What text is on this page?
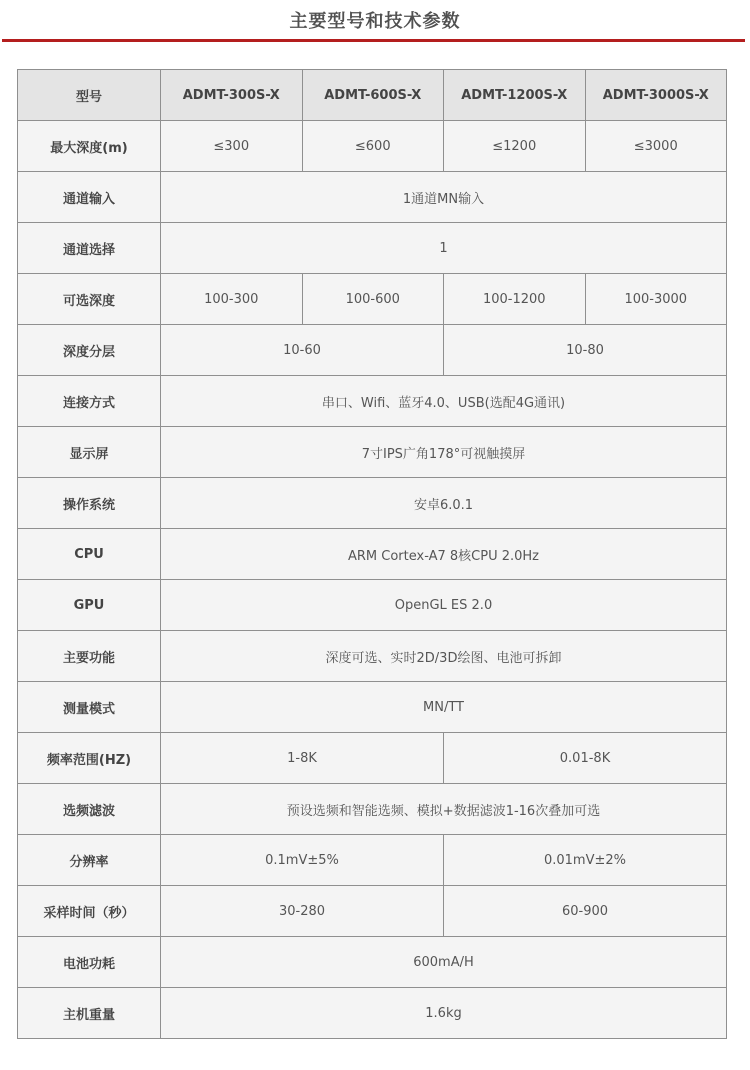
主要型号和技术参数
型号	ADMT-300S-X	ADMT-600S-X	ADMT-1200S-X	ADMT-3000S-X
最大深度(m)	≤300	≤600	≤1200	≤3000
通道输入	1通道MN输入			
通道选择	1			
可选深度	100-300	100-600	100-1200	100-3000
深度分层	10-60		10-80	
连接方式	串口、Wifi、蓝牙4.0、USB(选配4G通讯)			
显示屏	7寸IPS广角178°可视触摸屏			
操作系统	安卓6.0.1			
CPU	ARM Cortex-A7 8核CPU 2.0Hz			
GPU	OpenGL ES 2.0			
主要功能	深度可选、实时2D/3D绘图、电池可拆卸			
测量模式	MN/TT			
频率范围(HZ)	1-8K		0.01-8K	
选频滤波	预设选频和智能选频、模拟+数据滤波1-16次叠加可选			
分辨率	0.1mV±5%		0.01mV±2%	
采样时间（秒）	30-280		60-900	
电池功耗	600mA/H			
主机重量	1.6kg			
